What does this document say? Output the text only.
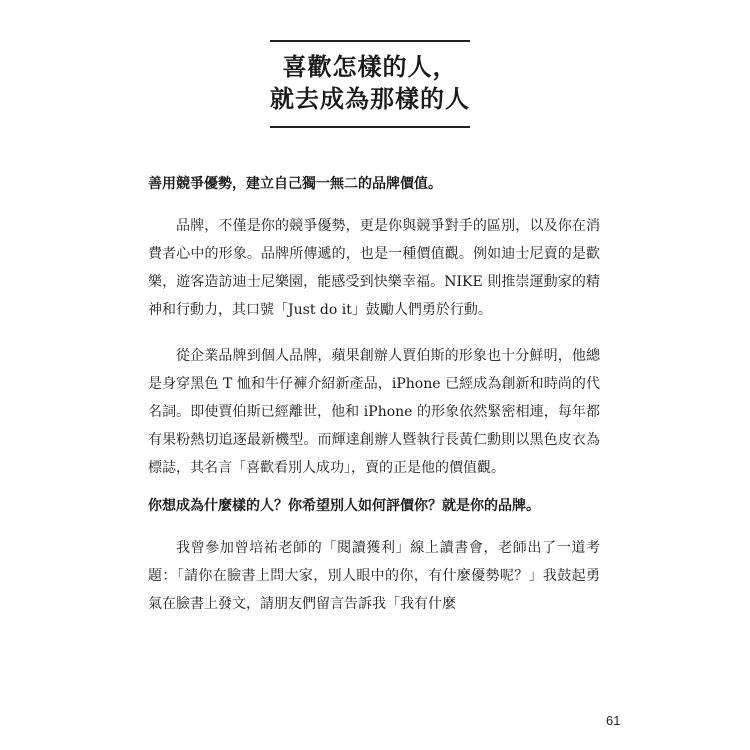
喜歡怎樣的人，
就去成為那樣的人

善用競爭優勢，建立自己獨一無二的品牌價值。

品牌，不僅是你的競爭優勢，更是你與競爭對手的區別，以及你在消費者心中的形象。品牌所傳遞的，也是一種價值觀。例如迪士尼賣的是歡樂，遊客造訪迪士尼樂園，能感受到快樂幸福。NIKE 則推崇運動家的精神和行動力，其口號「Just do it」鼓勵人們勇於行動。

從企業品牌到個人品牌，蘋果創辦人賈伯斯的形象也十分鮮明，他總是身穿黑色 T 恤和牛仔褲介紹新產品，iPhone 已經成為創新和時尚的代名詞。即使賈伯斯已經離世，他和 iPhone 的形象依然緊密相連，每年都有果粉熱切追逐最新機型。而輝達創辦人暨執行長黃仁勳則以黑色皮衣為標誌，其名言「喜歡看別人成功」，賣的正是他的價值觀。

你想成為什麼樣的人？你希望別人如何評價你？就是你的品牌。

我曾參加曾培祐老師的「閱讀獲利」線上讀書會，老師出了一道考題：「請你在臉書上問大家，別人眼中的你，有什麼優勢呢？」我鼓起勇氣在臉書上發文，請朋友們留言告訴我「我有什麼

61
